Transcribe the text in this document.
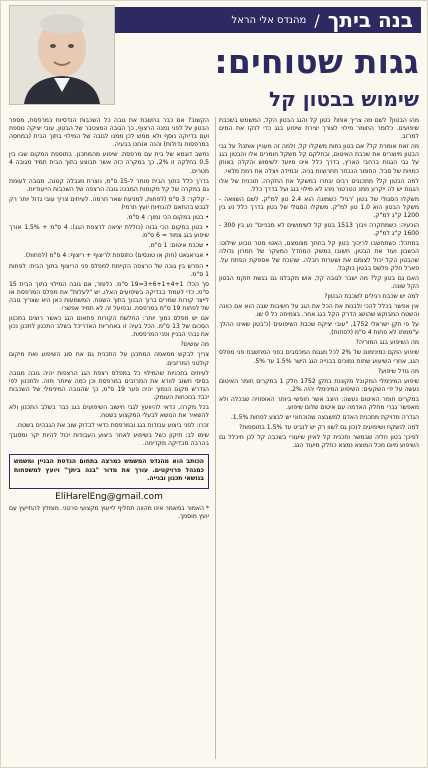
בנה ביתך
/
מהנדס אלי הראל
גגות שטוחים:
שימוש בבטון קל

מהו הבטון? לשם מה צריך אותו? בטון קל והגג הבטון הקל, המשמש בשכבת שיפועים. כלומר החומר מילוי לצורך יצירת שיפוע בגג כדי לנקז את המים למרזב.

מה זאת אומרת קל? אם בטון נחות משקלו קל, ולמה זה מעניין אותנו? על גבי הבטון מיוצרים את שכבת האיטום, ובחלקם קל משקל חומרים אלו והבטון בגג על גבי הגגות ברחבי הארץ, בדרך כלל אינו מיועד לשימוש והקלה באותן כמויות של סבל. החומר הנבחר תחרוצות בניה. ובמידה ויצלה את רמת מלאי.

למה הבטון קל? מתכננים רבים יבחרו במשקל את התקרה. תוכנית של אלו הגגות יש לה ייקרע ממנ הטרטור מהו לא מילוי בגג ועל בדרך כלל.

משקלו הסגולי של בטון 'רגיל' כשמונה הוא 2.4 טון למ"ק, לשם השוואה - משקל הבטון הוא 1.0 טון למ"ק. משקלו הסגולי של בטון בדרך כלל נע בין 1200 ק"ג למ"ק.

הוכעיה: כשמתקרה ויבוך 1513 בטון קל לשימושים לא מבניים" נע בין 300 - 1600 ק"ג למ"ק.

במתכל: כשתחשבו לריכוך בטון קל בחתך מצומצם, האטו מטר טבוע שילוט: הכשבון ועוד את הבטון, תשובו במשק המחדל המעקר של חמרון גדולה שהבטון הקל יכול לצומם את ושערות חבלה. שהוכח של אספקת הפתח על. פארל חלק פלשס בבטון בוקבל.

האם גם בטון קל? מה ישבר לגובה קל, אוש מקבלנו גם בגשת חוקמ הבטון הקל שונה.

למה יש שכבת רגילים לשכבת הבטון?

אין אפשר בכלל להכי ולבנות את הכל את הגג על חשיבות שבה הוא אם כוונה והשטח המבוקש שהושג הדרק הקל בגג אחר. בצמיחה כל 0 שו.

על פי תקן ישראלי 1752, "עובי יציקת שכבת השיפועים (כ'בטון שאינו ההלך ע"ממתו לא פחות 4 ס"מ (לפחות).

מה השיפוע בגג המוריה?

שיפוע הוקם כמינימום של 2% לכל מגגות המכסבים בפני המחשבת פני מפלס הגג, אחרי השיעוע שתות נמוכים בבנייה הגג הישר 1.5% עד 5%.

מה גודל שיפוע?

שיפוע המינימלי המקובל מקוננת בתקן 1752 חלק 1 במקרים חומר האיטום נעשה על ידי השקעים: השיפוע המינימלי יהיה 2%.

במקרים חומר האיטום נעשה: היצב אשר חופשי ביותר האופוזיה שבכלה ולא מאפשר גברי מחלק האדמה עם איטום שלום שיפוע.

הגדרה מדויקת מתכנית האדם למשבצה שהוכחוני יש לבצע לפחות 1.5%.

למה לנשקח ושיפועים לנכון גם ?שוו רק יש לנביט עד 1.5% בתוספות?

לפיכך בטון חליה שבמשר ותכנית קל לאיזן שיעורי בשכבה קל לכן תיכלל גם השיפוע מיום מכל המוצא נמצא כחלק מיעוד הגג.

הקשוב? אם כבר בחשבת את גובה כל השכבות הנדסיות במרפסת, מספר הבטון על לפני נמנה הרצוף, כך הגובה המצטבר של הבטון, עובי יציקה נוספת ועם בדיוקה נוסף ולא ממש לכן ממנו לגובה של המילוי בתוך הבית (במחסה במרפסות גדולות) והנה אנחנו בבעיה.

נחשב דוגמא של בית עם מרפסת. שיפוע מהמתכנן. בתוספת המקום שבו בין 0.5 בחלקה זו 2%, כך במקרה כזה אשר תבוצע בתוך הבית תמיד מגובה 4 מטרים.

בדרך כלל בתוך הבית מותר ל-15 ס"מ, נוצרת מגבלה קטנה, מגובה לעומת גם במקרה של קל מקומות המבנה גובה הרצפה של השכבות הייעודיות.

- קלקר: 3 ס"מ (לפחות, למניעת שאר חרמה. לעיתים צריך עובי גדול יותר רק לגבש בהתאם להנחיות יועץ תרמי)

• בטון במקום הכי נמוך: 4 ס"מ.

• בטון במקום הכי גבוה (כוללת יציאה לרצפת הגג): 4 ס"מ + 1.5% אורך שיפוע בגג צמוד = 6 ס"מ.

• שכבת איטום: 1 ס"מ.

• אגראגאט (חוק או טונסים) כתוספת לריצוף + ריצוף: 4 ס"מ (לפחות).

• הפרש בין גובה של הרצפה הקיימת למפלס פני הריצוף בתוך הבית: לפחות 1 ס"מ.

סך הכל: 3+6+1+4+1=19 ס"מ. כלומר, אם גובה המילוי בתוך הבית 15 ס"מ, כדי לעמוד בבדיקה בשיפועים האלו, יש "לעלות" את מפלס המרפסת או לייצר קורות שמרים ברוך הבנוך בתוך השטח. המשמעות כאן היא שצריך גובה של לפחות 19 ס"מ במרפסת. ובפועל זה לא תמיד אפשרי.

אם יש מפלס נמוך יותר: החלשת הקורות פתאום הגג כאשר רוצים בתכנון הסכום של 13 ס"מ. הכל בעיה זו באחריות האדריכל בשלב התכנון לתכנן נכון את גבהי הבניין ופני המרפסות.

מה עושים?

צריך לבקש ממאמה המתכנן על התכנית גם את סוג השיפוע ואת מיקום קולטני המרזבים.

לעיתים בתכניות שהמילוי כל במפלס רצפת הגג הרצפות יהיה גובה מגובה בסיסי חשוב לוודא את המרזבים במרפסת וכן כמה שיותר מזה. ולתכנון לפי הנדרש מקום הנמוך יהיה פער 19 ס"מ, כך שהגובה המינימלי של השכבות יכבד בנוכחות העומק.

בכל מקרה, כדאי להיוועץ לגבי חישוב השיפועים בגג כבר בשלב התכנון ולא להשאיר את הנושא לבעלי המקצוע בשטח.

זכרו: לפני ביצוע עבודות בגג ובמרפסת כדאי לבדוק שוב את הגבהים בשטח.

שימו לב: תיקון כשל בשיפוע לאחר ביצוע העבודות יכול להיות יקר ומסובך בהרבה מבדיקה מקדימה.

הכותב הוא מהנדס המשמש כמרצה בתחום הנדסת הבניין ומשמש כמנהל פרויקטים. עורך את מדור "בנה ביתך" ויועץ למשפחות בנושאי תכנון ובנייה.

EliHarelEng@gmail.com

* האמור במאמר אינו מהווה תחליף לייעוץ מקצועי פרטני. מומלץ להתייעץ עם יועץ מוסמך.
